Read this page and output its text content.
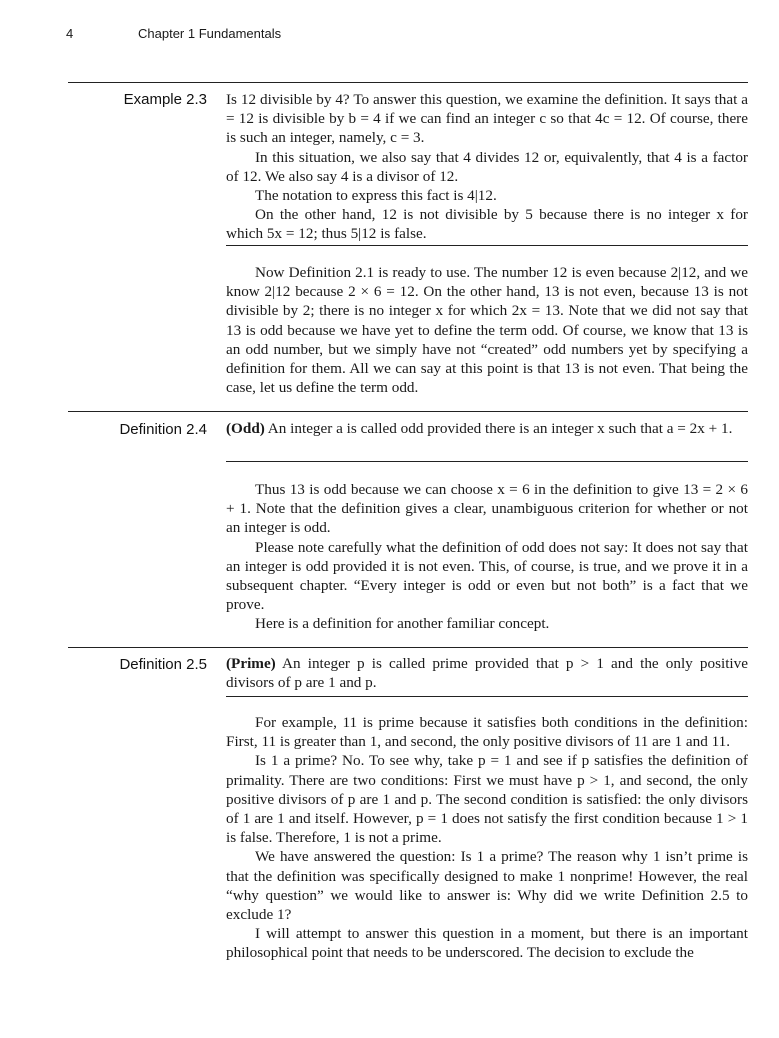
4	Chapter 1 Fundamentals
Example 2.3 Is 12 divisible by 4? To answer this question, we examine the definition. It says that a = 12 is divisible by b = 4 if we can find an integer c so that 4c = 12. Of course, there is such an integer, namely, c = 3.

In this situation, we also say that 4 divides 12 or, equivalently, that 4 is a factor of 12. We also say 4 is a divisor of 12.

The notation to express this fact is 4|12.

On the other hand, 12 is not divisible by 5 because there is no integer x for which 5x = 12; thus 5|12 is false.

Now Definition 2.1 is ready to use. The number 12 is even because 2|12, and we know 2|12 because 2 × 6 = 12. On the other hand, 13 is not even, because 13 is not divisible by 2; there is no integer x for which 2x = 13. Note that we did not say that 13 is odd because we have yet to define the term odd. Of course, we know that 13 is an odd number, but we simply have not “created” odd numbers yet by specifying a definition for them. All we can say at this point is that 13 is not even. That being the case, let us define the term odd.

Definition 2.4 (Odd) An integer a is called odd provided there is an integer x such that a = 2x + 1.

Thus 13 is odd because we can choose x = 6 in the definition to give 13 = 2 × 6 + 1. Note that the definition gives a clear, unambiguous criterion for whether or not an integer is odd.

Please note carefully what the definition of odd does not say: It does not say that an integer is odd provided it is not even. This, of course, is true, and we prove it in a subsequent chapter. “Every integer is odd or even but not both” is a fact that we prove.

Here is a definition for another familiar concept.

Definition 2.5 (Prime) An integer p is called prime provided that p > 1 and the only positive divisors of p are 1 and p.

For example, 11 is prime because it satisfies both conditions in the definition: First, 11 is greater than 1, and second, the only positive divisors of 11 are 1 and 11.

Is 1 a prime? No. To see why, take p = 1 and see if p satisfies the definition of primality. There are two conditions: First we must have p > 1, and second, the only positive divisors of p are 1 and p. The second condition is satisfied: the only divisors of 1 are 1 and itself. However, p = 1 does not satisfy the first condition because 1 > 1 is false. Therefore, 1 is not a prime.

We have answered the question: Is 1 a prime? The reason why 1 isn’t prime is that the definition was specifically designed to make 1 nonprime! However, the real “why question” we would like to answer is: Why did we write Definition 2.5 to exclude 1?

I will attempt to answer this question in a moment, but there is an important philosophical point that needs to be underscored. The decision to exclude the
